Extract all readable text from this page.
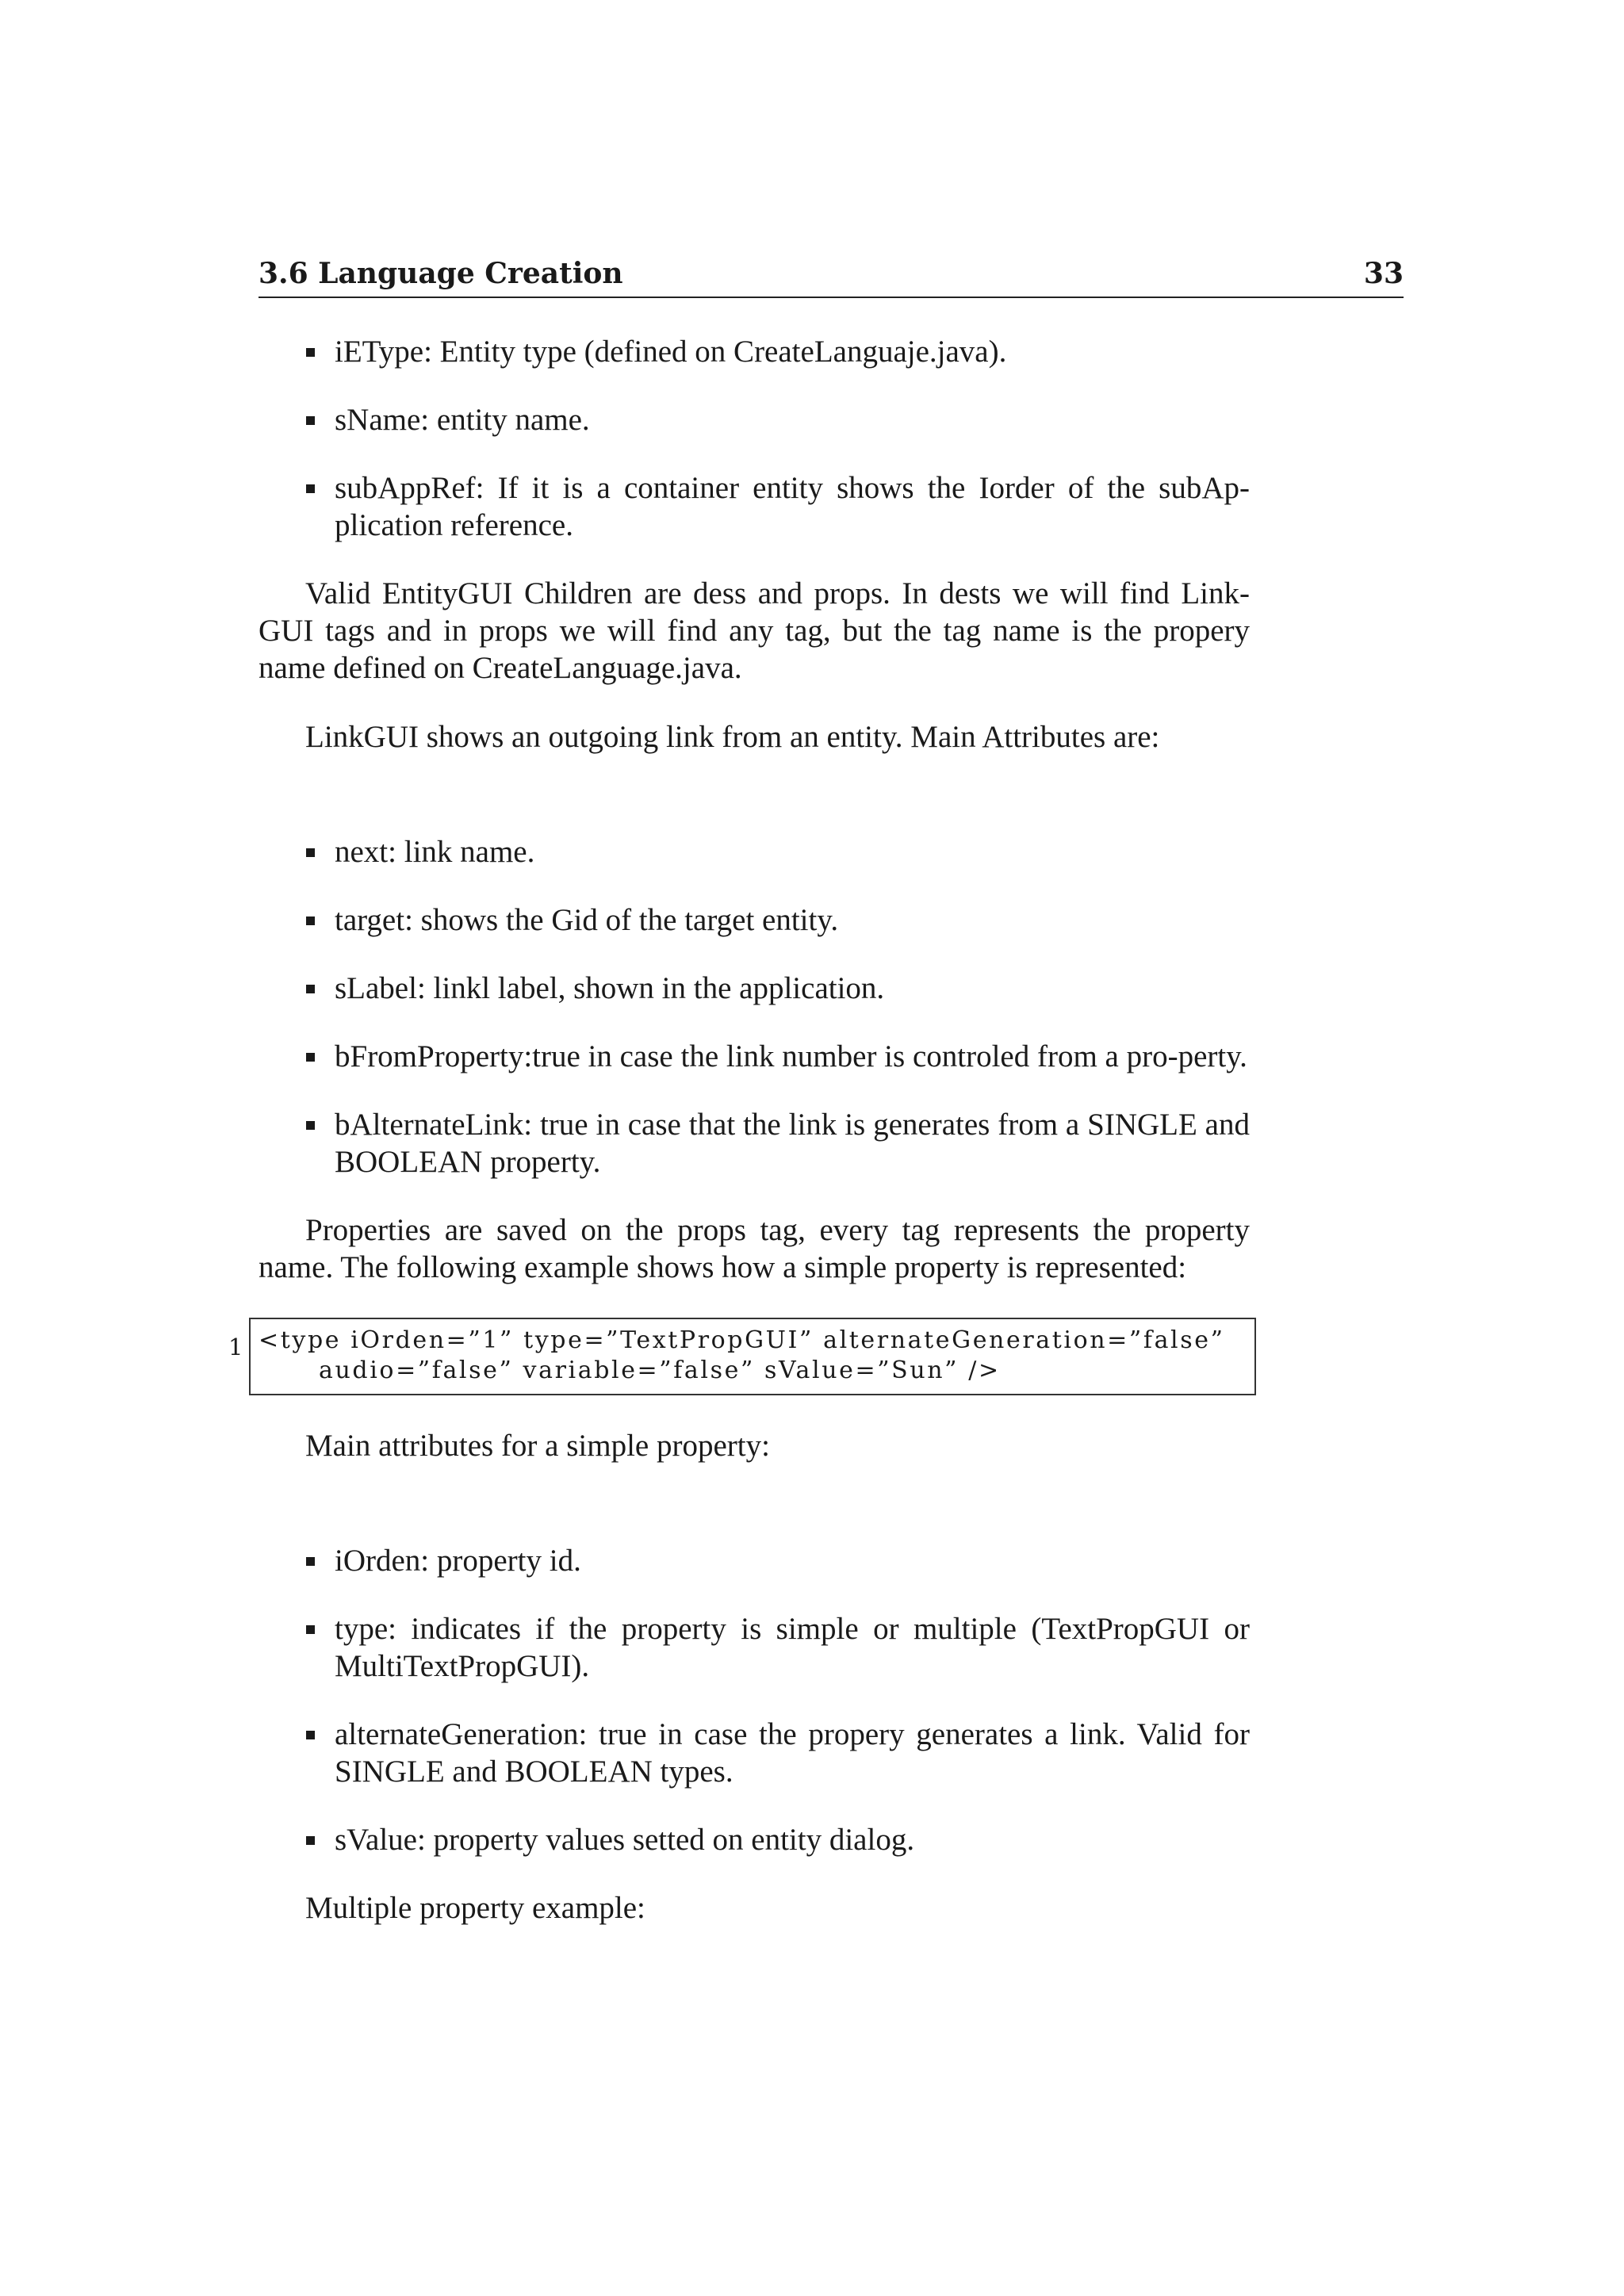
3.6 Language Creation	33
iEType: Entity type (defined on CreateLanguaje.java).
sName: entity name.
subAppRef: If it is a container entity shows the Iorder of the subAp-plication reference.

Valid EntityGUI Children are dess and props. In dests we will find Link-GUI tags and in props we will find any tag, but the tag name is the propery name defined on CreateLanguage.java.

LinkGUI shows an outgoing link from an entity. Main Attributes are:

next: link name.
target: shows the Gid of the target entity.
sLabel: linkl label, shown in the application.
bFromProperty:true in case the link number is controled from a pro-perty.
bAlternateLink: true in case that the link is generates from a SINGLE and BOOLEAN property.

Properties are saved on the props tag, every tag represents the property name. The following example shows how a simple property is represented:

1 <type iOrden=”1” type=”TextPropGUI” alternateGeneration=”false”
audio=”false” variable=”false” sValue=”Sun” />

Main attributes for a simple property:

iOrden: property id.
type: indicates if the property is simple or multiple (TextPropGUI or MultiTextPropGUI).
alternateGeneration: true in case the propery generates a link. Valid for SINGLE and BOOLEAN types.
sValue: property values setted on entity dialog.

Multiple property example:
